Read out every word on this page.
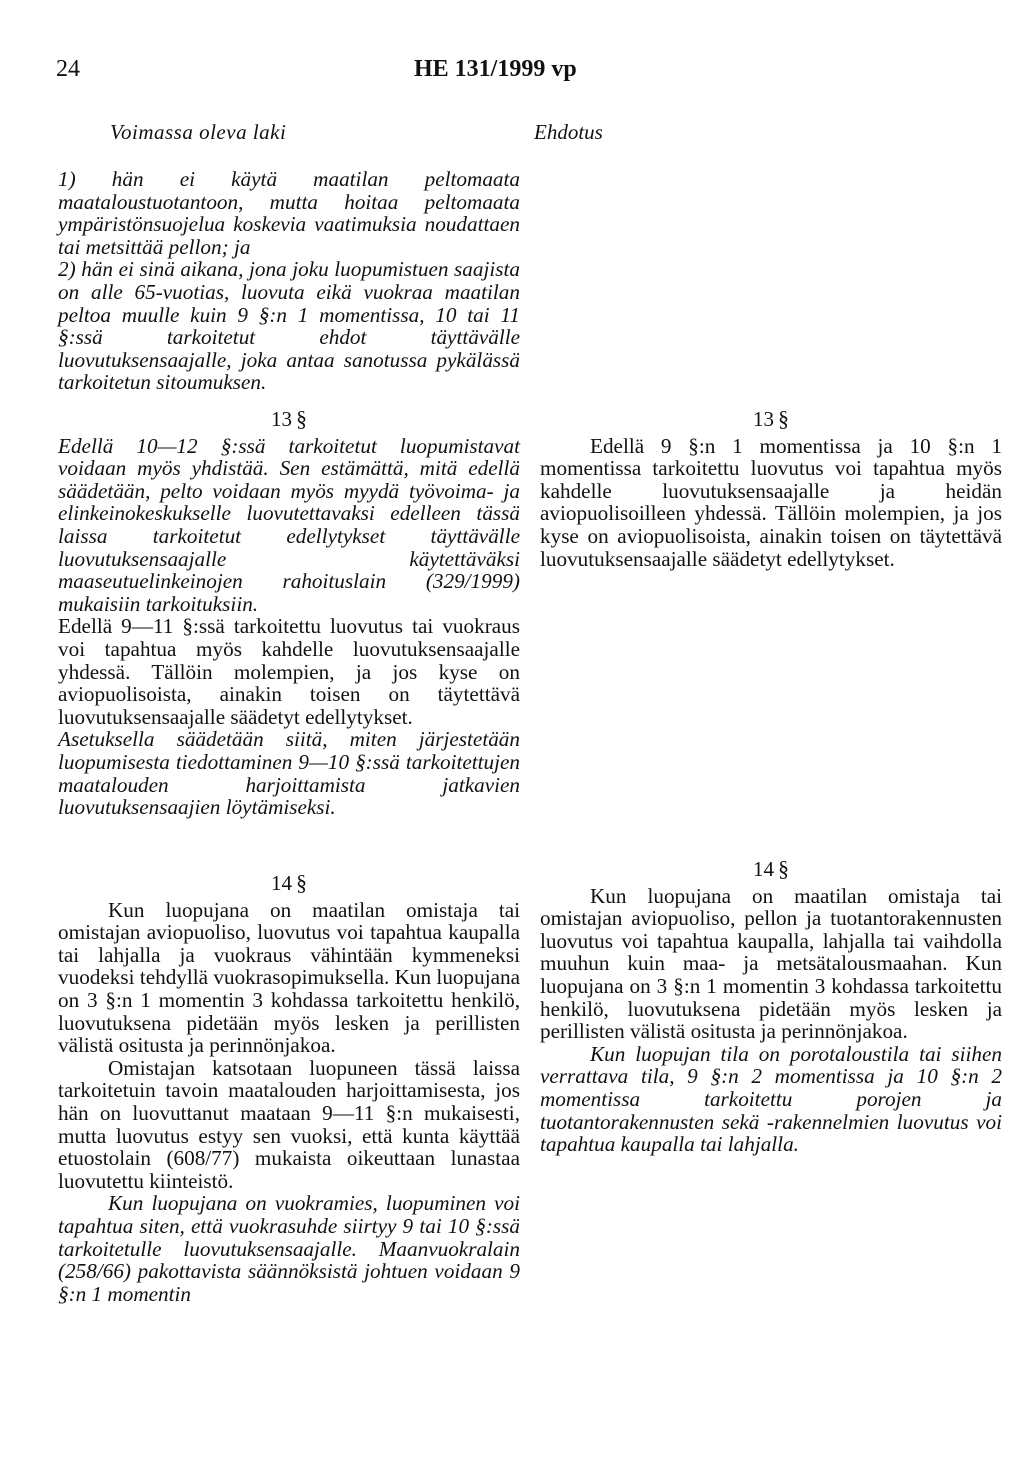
24	HE 131/1999 vp
Voimassa oleva laki	Ehdotus

1) hän ei käytä maatilan peltomaata maataloustuotantoon, mutta hoitaa peltomaata ympäristönsuojelua koskevia vaatimuksia noudattaen tai metsittää pellon; ja

2) hän ei sinä aikana, jona joku luopumistuen saajista on alle 65-vuotias, luovuta eikä vuokraa maatilan peltoa muulle kuin 9 §:n 1 momentissa, 10 tai 11 §:ssä tarkoitetut ehdot täyttävälle luovutuksensaajalle, joka antaa sanotussa pykälässä tarkoitetun sitoumuksen.

13 §

Edellä 10—12 §:ssä tarkoitetut luopumistavat voidaan myös yhdistää. Sen estämättä, mitä edellä säädetään, pelto voidaan myös myydä työvoima- ja elinkeinokeskukselle luovutettavaksi edelleen tässä laissa tarkoitetut edellytykset täyttävälle luovutuksensaajalle käytettäväksi maaseutuelinkeinojen rahoituslain (329/1999) mukaisiin tarkoituksiin.

Edellä 9—11 §:ssä tarkoitettu luovutus tai vuokraus voi tapahtua myös kahdelle luovutuksensaajalle yhdessä. Tällöin molempien, ja jos kyse on aviopuolisoista, ainakin toisen on täytettävä luovutuksensaajalle säädetyt edellytykset.

Asetuksella säädetään siitä, miten järjestetään luopumisesta tiedottaminen 9—10 §:ssä tarkoitettujen maatalouden harjoittamista jatkavien luovutuksensaajien löytämiseksi.

14 §

Kun luopujana on maatilan omistaja tai omistajan aviopuoliso, luovutus voi tapahtua kaupalla tai lahjalla ja vuokraus vähintään kymmeneksi vuodeksi tehdyllä vuokrasopimuksella. Kun luopujana on 3 §:n 1 momentin 3 kohdassa tarkoitettu henkilö, luovutuksena pidetään myös lesken ja perillisten välistä ositusta ja perinnönjakoa.

Omistajan katsotaan luopuneen tässä laissa tarkoitetuin tavoin maatalouden harjoittamisesta, jos hän on luovuttanut maataan 9—11 §:n mukaisesti, mutta luovutus estyy sen vuoksi, että kunta käyttää etuostolain (608/77) mukaista oikeuttaan lunastaa luovutettu kiinteistö.

Kun luopujana on vuokramies, luopuminen voi tapahtua siten, että vuokrasuhde siirtyy 9 tai 10 §:ssä tarkoitetulle luovutuksensaajalle. Maanvuokralain (258/66) pakottavista säännöksistä johtuen voidaan 9 §:n 1 momentin

13 §

Edellä 9 §:n 1 momentissa ja 10 §:n 1 momentissa tarkoitettu luovutus voi tapahtua myös kahdelle luovutuksensaajalle ja heidän aviopuolisoilleen yhdessä. Tällöin molempien, ja jos kyse on aviopuolisoista, ainakin toisen on täytettävä luovutuksensaajalle säädetyt edellytykset.

14 §

Kun luopujana on maatilan omistaja tai omistajan aviopuoliso, pellon ja tuotantorakennusten luovutus voi tapahtua kaupalla, lahjalla tai vaihdolla muuhun kuin maa- ja metsätalousmaahan. Kun luopujana on 3 §:n 1 momentin 3 kohdassa tarkoitettu henkilö, luovutuksena pidetään myös lesken ja perillisten välistä ositusta ja perinnönjakoa.

Kun luopujan tila on porotaloustila tai siihen verrattava tila, 9 §:n 2 momentissa ja 10 §:n 2 momentissa tarkoitettu porojen ja tuotantorakennusten sekä -rakennelmien luovutus voi tapahtua kaupalla tai lahjalla.
